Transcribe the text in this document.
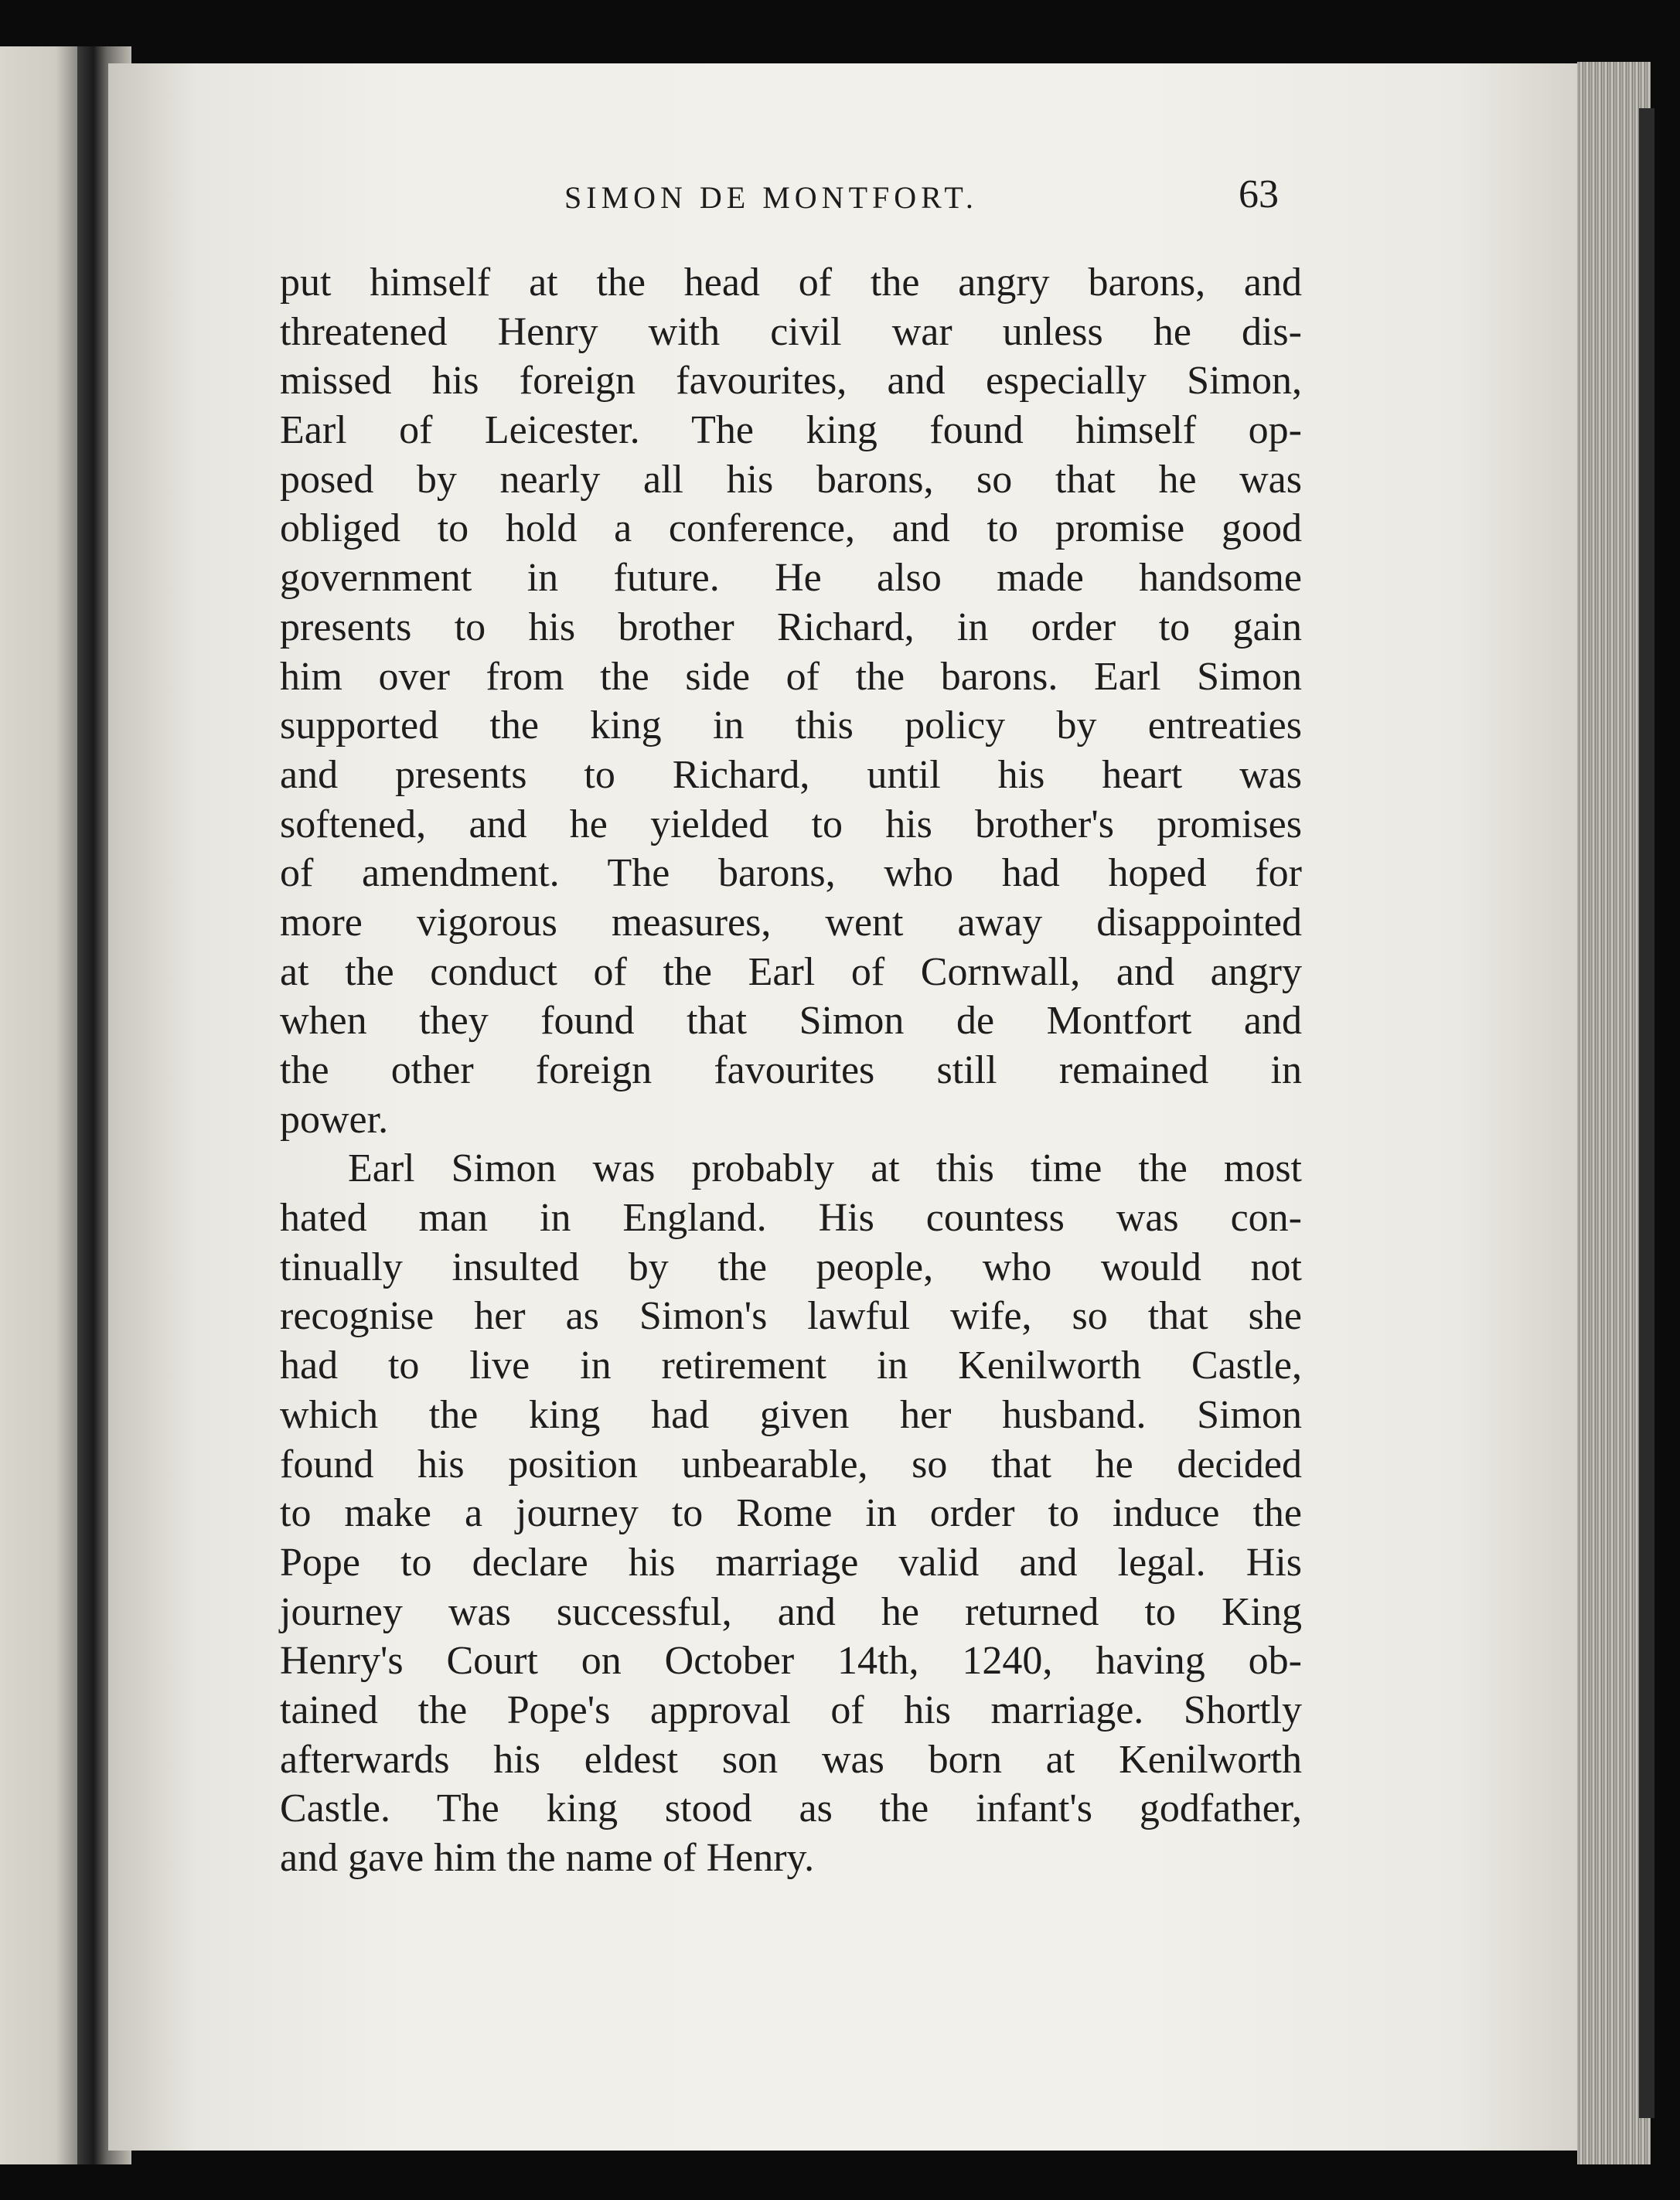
SIMON DE MONTFORT.	63
put himself at the head of the angry barons, and
threatened Henry with civil war unless he dis-
missed his foreign favourites, and especially Simon,
Earl of Leicester. The king found himself op-
posed by nearly all his barons, so that he was
obliged to hold a conference, and to promise good
government in future. He also made handsome
presents to his brother Richard, in order to gain
him over from the side of the barons. Earl Simon
supported the king in this policy by entreaties
and presents to Richard, until his heart was
softened, and he yielded to his brother's promises
of amendment. The barons, who had hoped for
more vigorous measures, went away disappointed
at the conduct of the Earl of Cornwall, and angry
when they found that Simon de Montfort and
the other foreign favourites still remained in
power.
Earl Simon was probably at this time the most
hated man in England. His countess was con-
tinually insulted by the people, who would not
recognise her as Simon's lawful wife, so that she
had to live in retirement in Kenilworth Castle,
which the king had given her husband. Simon
found his position unbearable, so that he decided
to make a journey to Rome in order to induce the
Pope to declare his marriage valid and legal. His
journey was successful, and he returned to King
Henry's Court on October 14th, 1240, having ob-
tained the Pope's approval of his marriage. Shortly
afterwards his eldest son was born at Kenilworth
Castle. The king stood as the infant's godfather,
and gave him the name of Henry.
